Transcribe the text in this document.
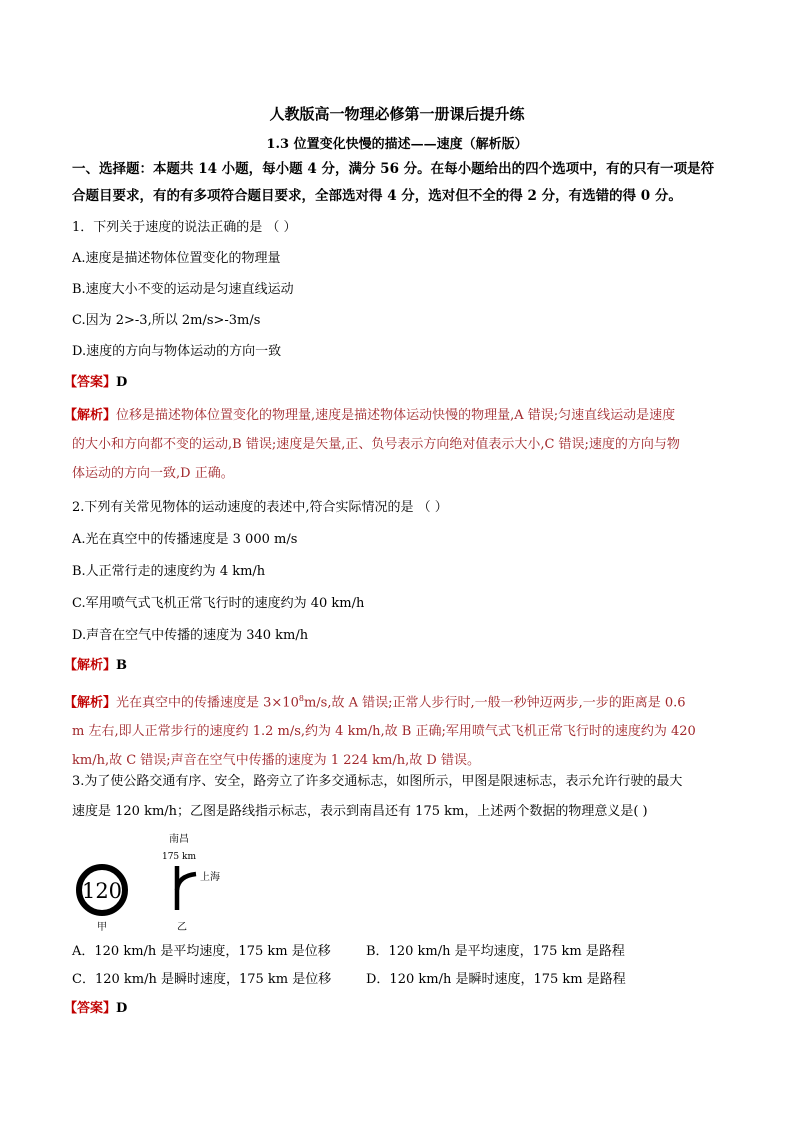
人教版高一物理必修第一册课后提升练
1.3 位置变化快慢的描述——速度（解析版）
一、选择题：本题共 14 小题，每小题 4 分，满分 56 分。在每小题给出的四个选项中，有的只有一项是符
合题目要求，有的有多项符合题目要求，全部选对得 4 分，选对但不全的得 2 分，有选错的得 0 分。
1．下列关于速度的说法正确的是 （ ）
A.速度是描述物体位置变化的物理量
B.速度大小不变的运动是匀速直线运动
C.因为 2>-3,所以 2m/s>-3m/s
D.速度的方向与物体运动的方向一致
【答案】D
【解析】位移是描述物体位置变化的物理量,速度是描述物体运动快慢的物理量,A 错误;匀速直线运动是速度
的大小和方向都不变的运动,B 错误;速度是矢量,正、负号表示方向绝对值表示大小,C 错误;速度的方向与物
体运动的方向一致,D 正确。
2.下列有关常见物体的运动速度的表述中,符合实际情况的是 （ ）
A.光在真空中的传播速度是 3 000 m/s
B.人正常行走的速度约为 4 km/h
C.军用喷气式飞机正常飞行时的速度约为 40 km/h
D.声音在空气中传播的速度为 340 km/h
【解析】B
【解析】光在真空中的传播速度是 $3\times 10^8m/s$,故 A 错误;正常人步行时,一般一秒钟迈两步,一步的距离是 0.6
m 左右,即人正常步行的速度约 1.2 m/s,约为 4 km/h,故 B 正确;军用喷气式飞机正常飞行时的速度约为 420
km/h,故 C 错误;声音在空气中传播的速度为 1 224 km/h,故 D 错误。
3.为了使公路交通有序、安全，路旁立了许多交通标志，如图所示，甲图是限速标志，表示允许行驶的最大
速度是 120 km/h；乙图是路线指示标志，表示到南昌还有 175 km，上述两个数据的物理意义是( )
120
甲
南昌
175 km
上海
乙
A．120 km/h 是平均速度，175 km 是位移	B．120 km/h 是平均速度，175 km 是路程
C．120 km/h 是瞬时速度，175 km 是位移	D．120 km/h 是瞬时速度，175 km 是路程
【答案】D
